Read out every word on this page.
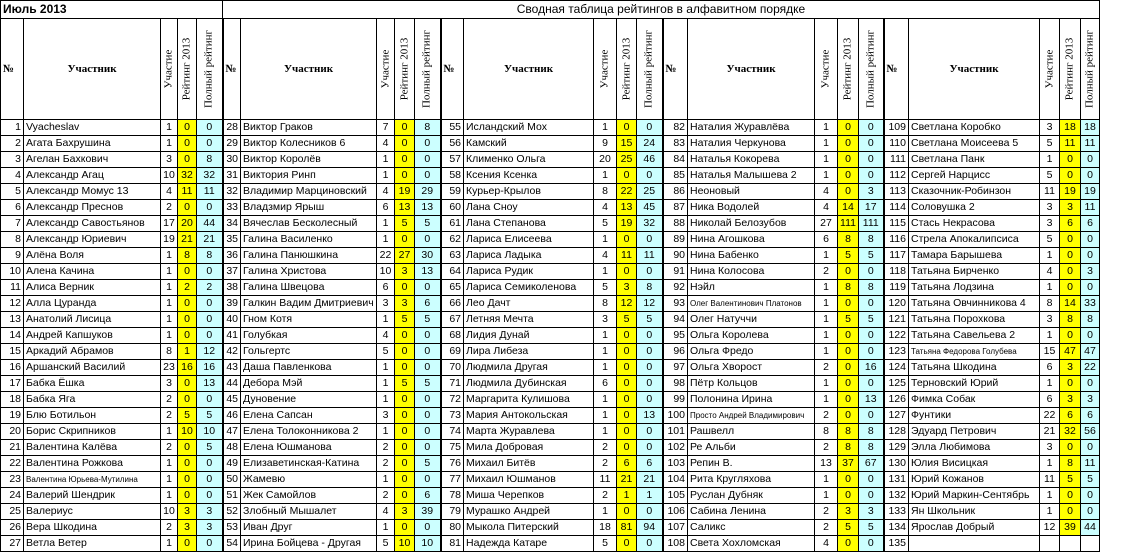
Июль 2013					Сводная таблица рейтингов в алфавитном порядке																			
№	Участник	Участие	Рейтинг 2013	Полный рейтинг	№	Участник	Участие	Рейтинг 2013	Полный рейтинг	№	Участник	Участие	Рейтинг 2013	Полный рейтинг	№	Участник	Участие	Рейтинг 2013	Полный рейтинг	№	Участник	Участие	Рейтинг 2013	Полный рейтинг

1	Vyacheslav	1	0	0	28	Виктор Граков	7	0	8	55	Исландский Мох	1	0	0	82	Наталия Журавлёва	1	0	0	109	Светлана Коробко	3	18	18
2	Агата Бахрушина	1	0	0	29	Виктор Колесников 6	4	0	0	56	Камский	9	15	24	83	Наталия Черкунова	1	0	0	110	Светлана Моисеева 5	5	11	11
3	Агелан Бахкович	3	0	8	30	Виктор Королёв	1	0	0	57	Клименко Ольга	20	25	46	84	Наталья Кокорева	1	0	0	111	Светлана Панк	1	0	0
4	Александр Агац	10	32	32	31	Виктория Ринп	1	0	0	58	Ксения Ксенка	1	0	0	85	Наталья Малышева 2	1	0	0	112	Сергей Нарциcс	5	0	0
5	Александр Момус 13	4	11	11	32	Владимир Марциновский	4	19	29	59	Курьер-Крылов	8	22	25	86	Неоновый	4	0	3	113	Сказочник-Робинзон	11	19	19
6	Александр Преснов	2	0	0	33	Владзмир Ярыш	6	13	13	60	Лана Сноу	4	13	45	87	Ника Водолей	4	14	17	114	Соловушка 2	3	3	11
7	Александр Савостьянов	17	20	44	34	Вячеслав Бесколесный	1	5	5	61	Лана Степанова	5	19	32	88	Николай Белозубов	27	111	111	115	Стась Некрасова	3	6	6
8	Александр Юриевич	19	21	21	35	Галина Василенко	1	0	0	62	Лариса Елисеева	1	0	0	89	Нина Агошкова	6	8	8	116	Стрела Апокалипсиса	5	0	0
9	Алёна Воля	1	8	8	36	Галина Панюшкина	22	27	30	63	Лариса Ладыка	4	11	11	90	Нина Бабенко	1	5	5	117	Тамара Барышева	1	0	0
10	Алена Качина	1	0	0	37	Галина Христова	10	3	13	64	Лариса Рудик	1	0	0	91	Нина Колосова	2	0	0	118	Татьяна Бирченко	4	0	3
11	Алиса Верник	1	2	2	38	Галина Швецова	6	0	0	65	Лариса Семиколенова	5	3	8	92	Нэйл	1	8	8	119	Татьяна Лодзина	1	0	0
12	Алла Цуранда	1	0	0	39	Галкин Вадим Дмитриевич	3	3	6	66	Лео Дачт	8	12	12	93	Олег Валентинович Платонов	1	0	0	120	Татьяна Овчинникова 4	8	14	33
13	Анатолий Лисица	1	0	0	40	Гном Котя	1	5	5	67	Летняя Мечта	3	5	5	94	Олег Натуччи	1	5	5	121	Татьяна Порохкова	3	8	8
14	Андрей Капшуков	1	0	0	41	Голубкая	4	0	0	68	Лидия Дунай	1	0	0	95	Ольга Королева	1	0	0	122	Татьяна Савельева 2	1	0	0
15	Аркадий Абрамов	8	1	12	42	Гольгертс	5	0	0	69	Лира Либеза	1	0	0	96	Ольга Фредо	1	0	0	123	Татьяна Федорова Голубева	15	47	47
16	Аршанский Василий	23	16	16	43	Даша Павленкова	1	0	0	70	Людмила Другая	1	0	0	97	Ольга Хворост	2	0	16	124	Татьяна Шкодина	6	3	22
17	Бабка Ёшка	3	0	13	44	Дебора Мэй	1	5	5	71	Людмила Дубинская	6	0	0	98	Пётр Кольцов	1	0	0	125	Терновский Юрий	1	0	0
18	Бабка Яга	2	0	0	45	Дуновение	1	0	0	72	Маргарита Кулишова	1	0	0	99	Полонина Ирина	1	0	13	126	Фимка Собак	6	3	3
19	Блю Ботильон	2	5	5	46	Елена Сапсан	3	0	0	73	Мария Антокольская	1	0	13	100	Просто Андрей Владимирович	2	0	0	127	Фунтики	22	6	6
20	Борис Скрипников	1	10	10	47	Елена Толоконникова 2	1	0	0	74	Марта Журавлева	1	0	0	101	Рашвелл	8	8	8	128	Эдуард Петрович	21	32	56
21	Валентина Калёва	2	0	5	48	Елена Юшманова	2	0	0	75	Мила Добровая	2	0	0	102	Ре Альби	2	8	8	129	Элла Любимова	3	0	0
22	Валентина Рожкова	1	0	0	49	Елизаветинская-Катина	2	0	5	76	Михаил Битёв	2	6	6	103	Репин В.	13	37	67	130	Юлия Висицкая	1	8	11
23	Валентина Юрьева-Мутилина	1	0	0	50	Жамевю	1	0	0	77	Михаил Юшманов	11	21	21	104	Рита Кругляхова	1	0	0	131	Юрий Кожанов	11	5	5
24	Валерий Шендрик	1	0	0	51	Жек Самойлов	2	0	6	78	Миша Черепков	2	1	1	105	Руслан Дубняк	1	0	0	132	Юрий Маркин-Сентябрь	1	0	0
25	Валериус	10	3	3	52	Злобный Мышалет	4	3	39	79	Мурашко Андрей	1	0	0	106	Сабина Ленина	2	3	3	133	Ян Школьник	1	0	0
26	Вера Шкодина	2	3	3	53	Иван Друг	1	0	0	80	Мыкола Питерский	18	81	94	107	Саликс	2	5	5	134	Ярослав Добрый	12	39	44
27	Ветла Ветер	1	0	0	54	Ирина Бойцева - Другая	5	10	10	81	Надежда Катаре	5	0	0	108	Света Хохломская	4	0	0	135				
